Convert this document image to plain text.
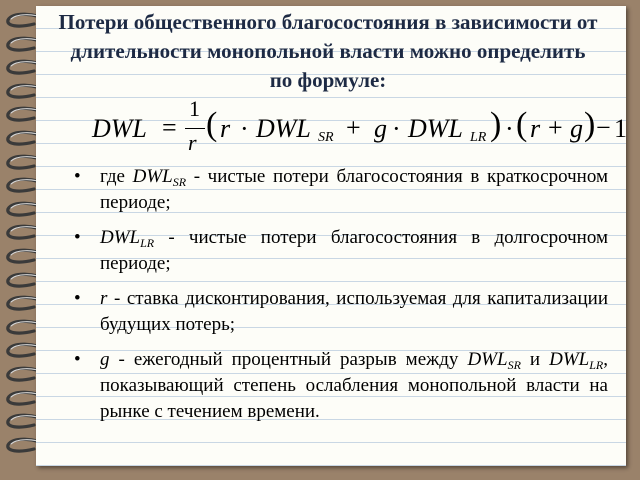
Потери общественного благосостояния в зависимости от длительности монопольной власти можно определить по формуле:
DWL =
1
r ( r · DWL SR + g · DWL LR ) · ( r + g ) − 1
• где $DWL_{SR}$ - чистые потери благосостояния в краткосрочном периоде;
• $DWL_{LR}$ - чистые потери благосостояния в долгосрочном периоде;
• r - ставка дисконтирования, используемая для капитализации будущих потерь;
• g - ежегодный процентный разрыв между $DWL_{SR}$ и $DWL_{LR}$, показывающий степень ослабления монопольной власти на рынке с течением времени.
